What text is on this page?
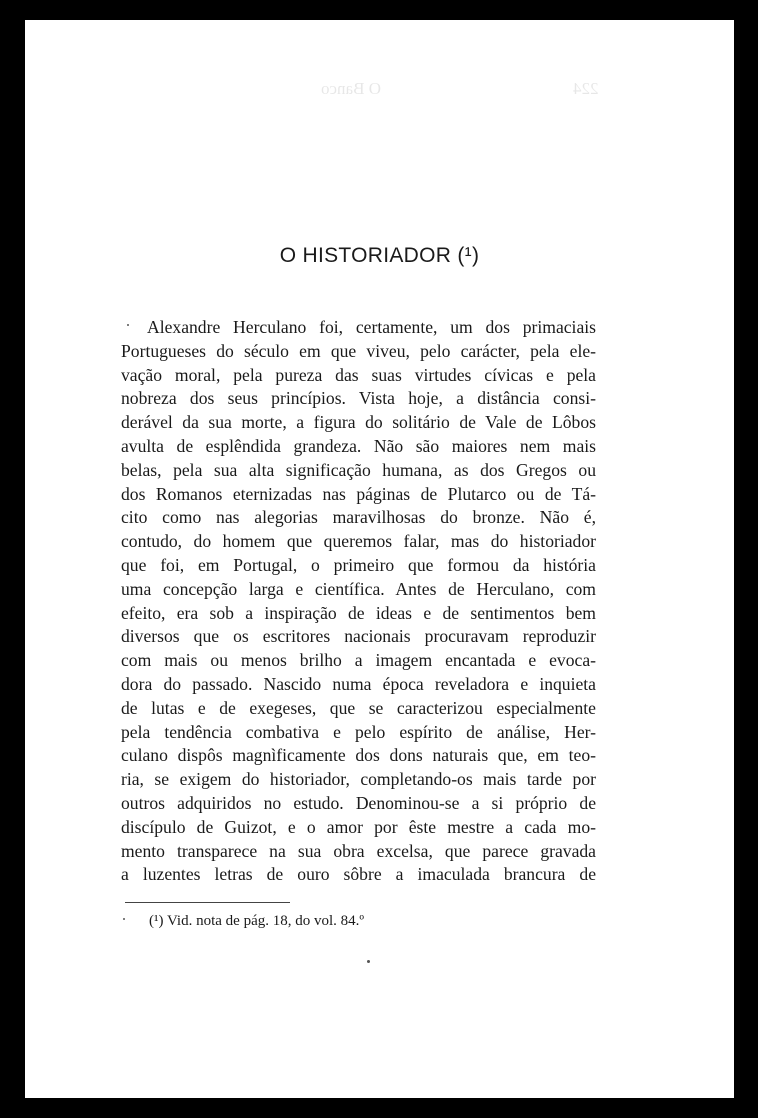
O Banco	224
O HISTORIADOR (¹)

Alexandre Herculano foi, certamente, um dos primaciais
Portugueses do século em que viveu, pelo carácter, pela ele-
vação moral, pela pureza das suas virtudes cívicas e pela
nobreza dos seus princípios. Vista hoje, a distância consi-
derável da sua morte, a figura do solitário de Vale de Lôbos
avulta de esplêndida grandeza. Não são maiores nem mais
belas, pela sua alta significação humana, as dos Gregos ou
dos Romanos eternizadas nas páginas de Plutarco ou de Tá-
cito como nas alegorias maravilhosas do bronze. Não é,
contudo, do homem que queremos falar, mas do historiador
que foi, em Portugal, o primeiro que formou da história
uma concepção larga e científica. Antes de Herculano, com
efeito, era sob a inspiração de ideas e de sentimentos bem
diversos que os escritores nacionais procuravam reproduzir
com mais ou menos brilho a imagem encantada e evoca-
dora do passado. Nascido numa época reveladora e inquieta
de lutas e de exegeses, que se caracterizou especialmente
pela tendência combativa e pelo espírito de análise, Her-
culano dispôs magnìficamente dos dons naturais que, em teo-
ria, se exigem do historiador, completando-os mais tarde por
outros adquiridos no estudo. Denominou-se a si próprio de
discípulo de Guizot, e o amor por êste mestre a cada mo-
mento transparece na sua obra excelsa, que parece gravada
a luzentes letras de ouro sôbre a imaculada brancura de

(¹) Vid. nota de pág. 18, do vol. 84.º
